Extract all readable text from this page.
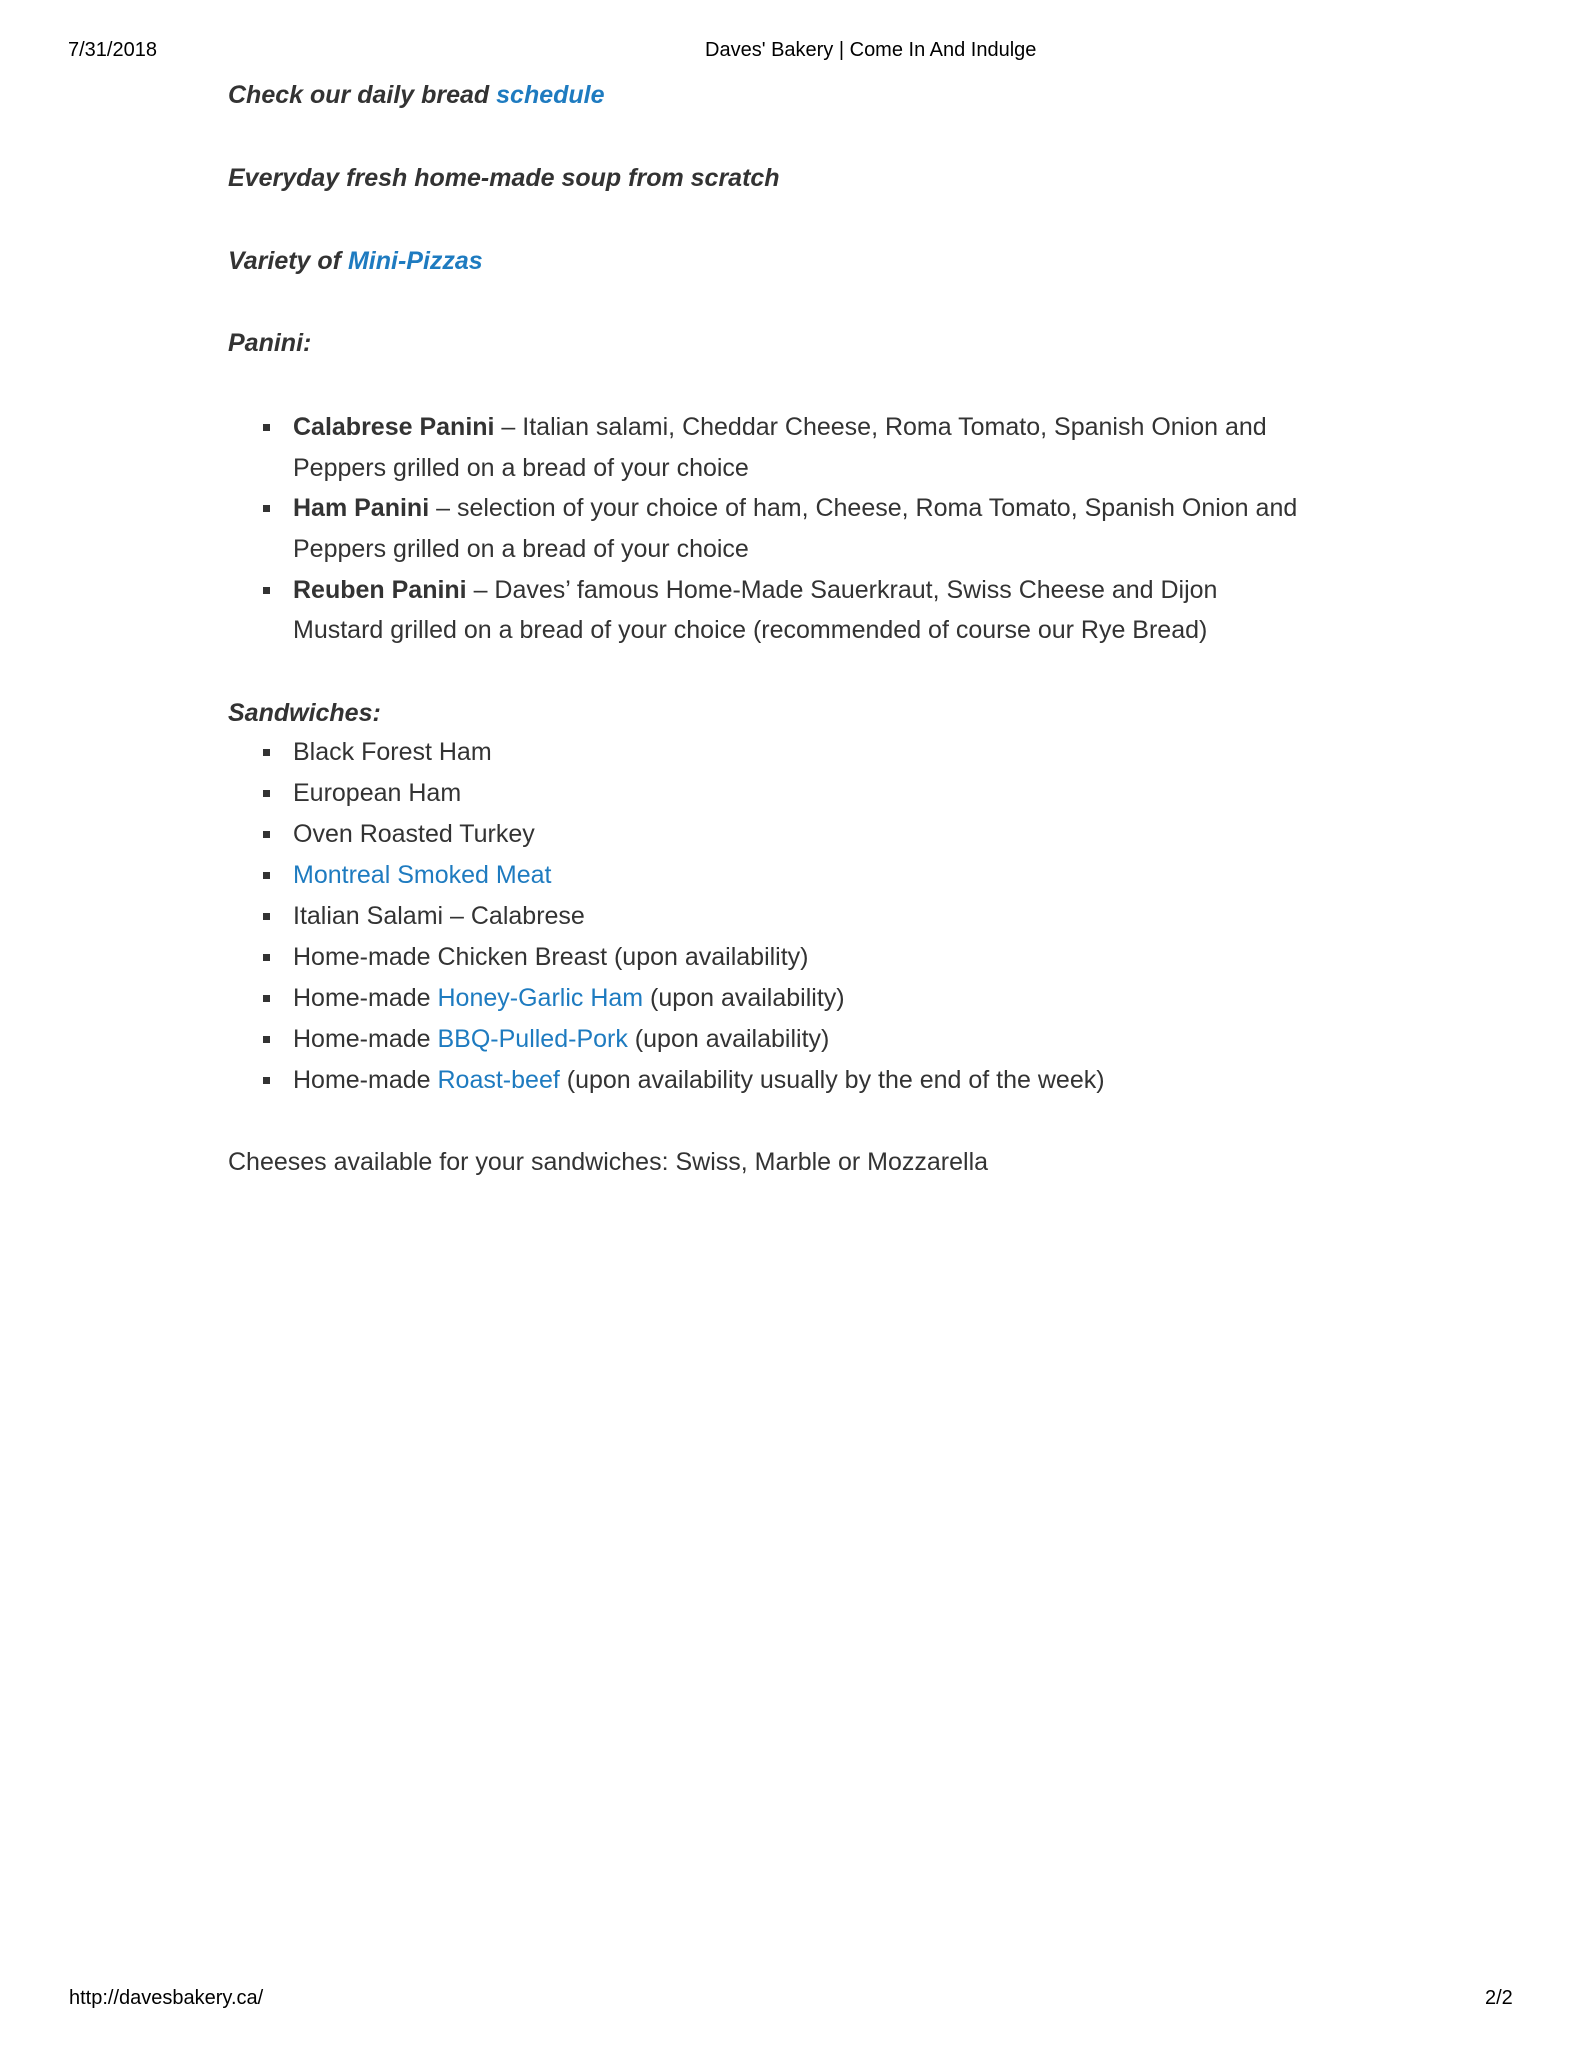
7/31/2018	Daves' Bakery | Come In And Indulge
Check our daily bread schedule
Everyday fresh home-made soup from scratch
Variety of Mini-Pizzas
Panini:
Calabrese Panini – Italian salami, Cheddar Cheese, Roma Tomato, Spanish Onion and
Peppers grilled on a bread of your choice
Ham Panini – selection of your choice of ham, Cheese, Roma Tomato, Spanish Onion and
Peppers grilled on a bread of your choice
Reuben Panini – Daves’ famous Home-Made Sauerkraut, Swiss Cheese and Dijon
Mustard grilled on a bread of your choice (recommended of course our Rye Bread)
Sandwiches:
Black Forest Ham
European Ham
Oven Roasted Turkey
Montreal Smoked Meat
Italian Salami – Calabrese
Home-made Chicken Breast (upon availability)
Home-made Honey-Garlic Ham (upon availability)
Home-made BBQ-Pulled-Pork (upon availability)
Home-made Roast-beef (upon availability usually by the end of the week)
Cheeses available for your sandwiches: Swiss, Marble or Mozzarella
http://davesbakery.ca/	2/2
